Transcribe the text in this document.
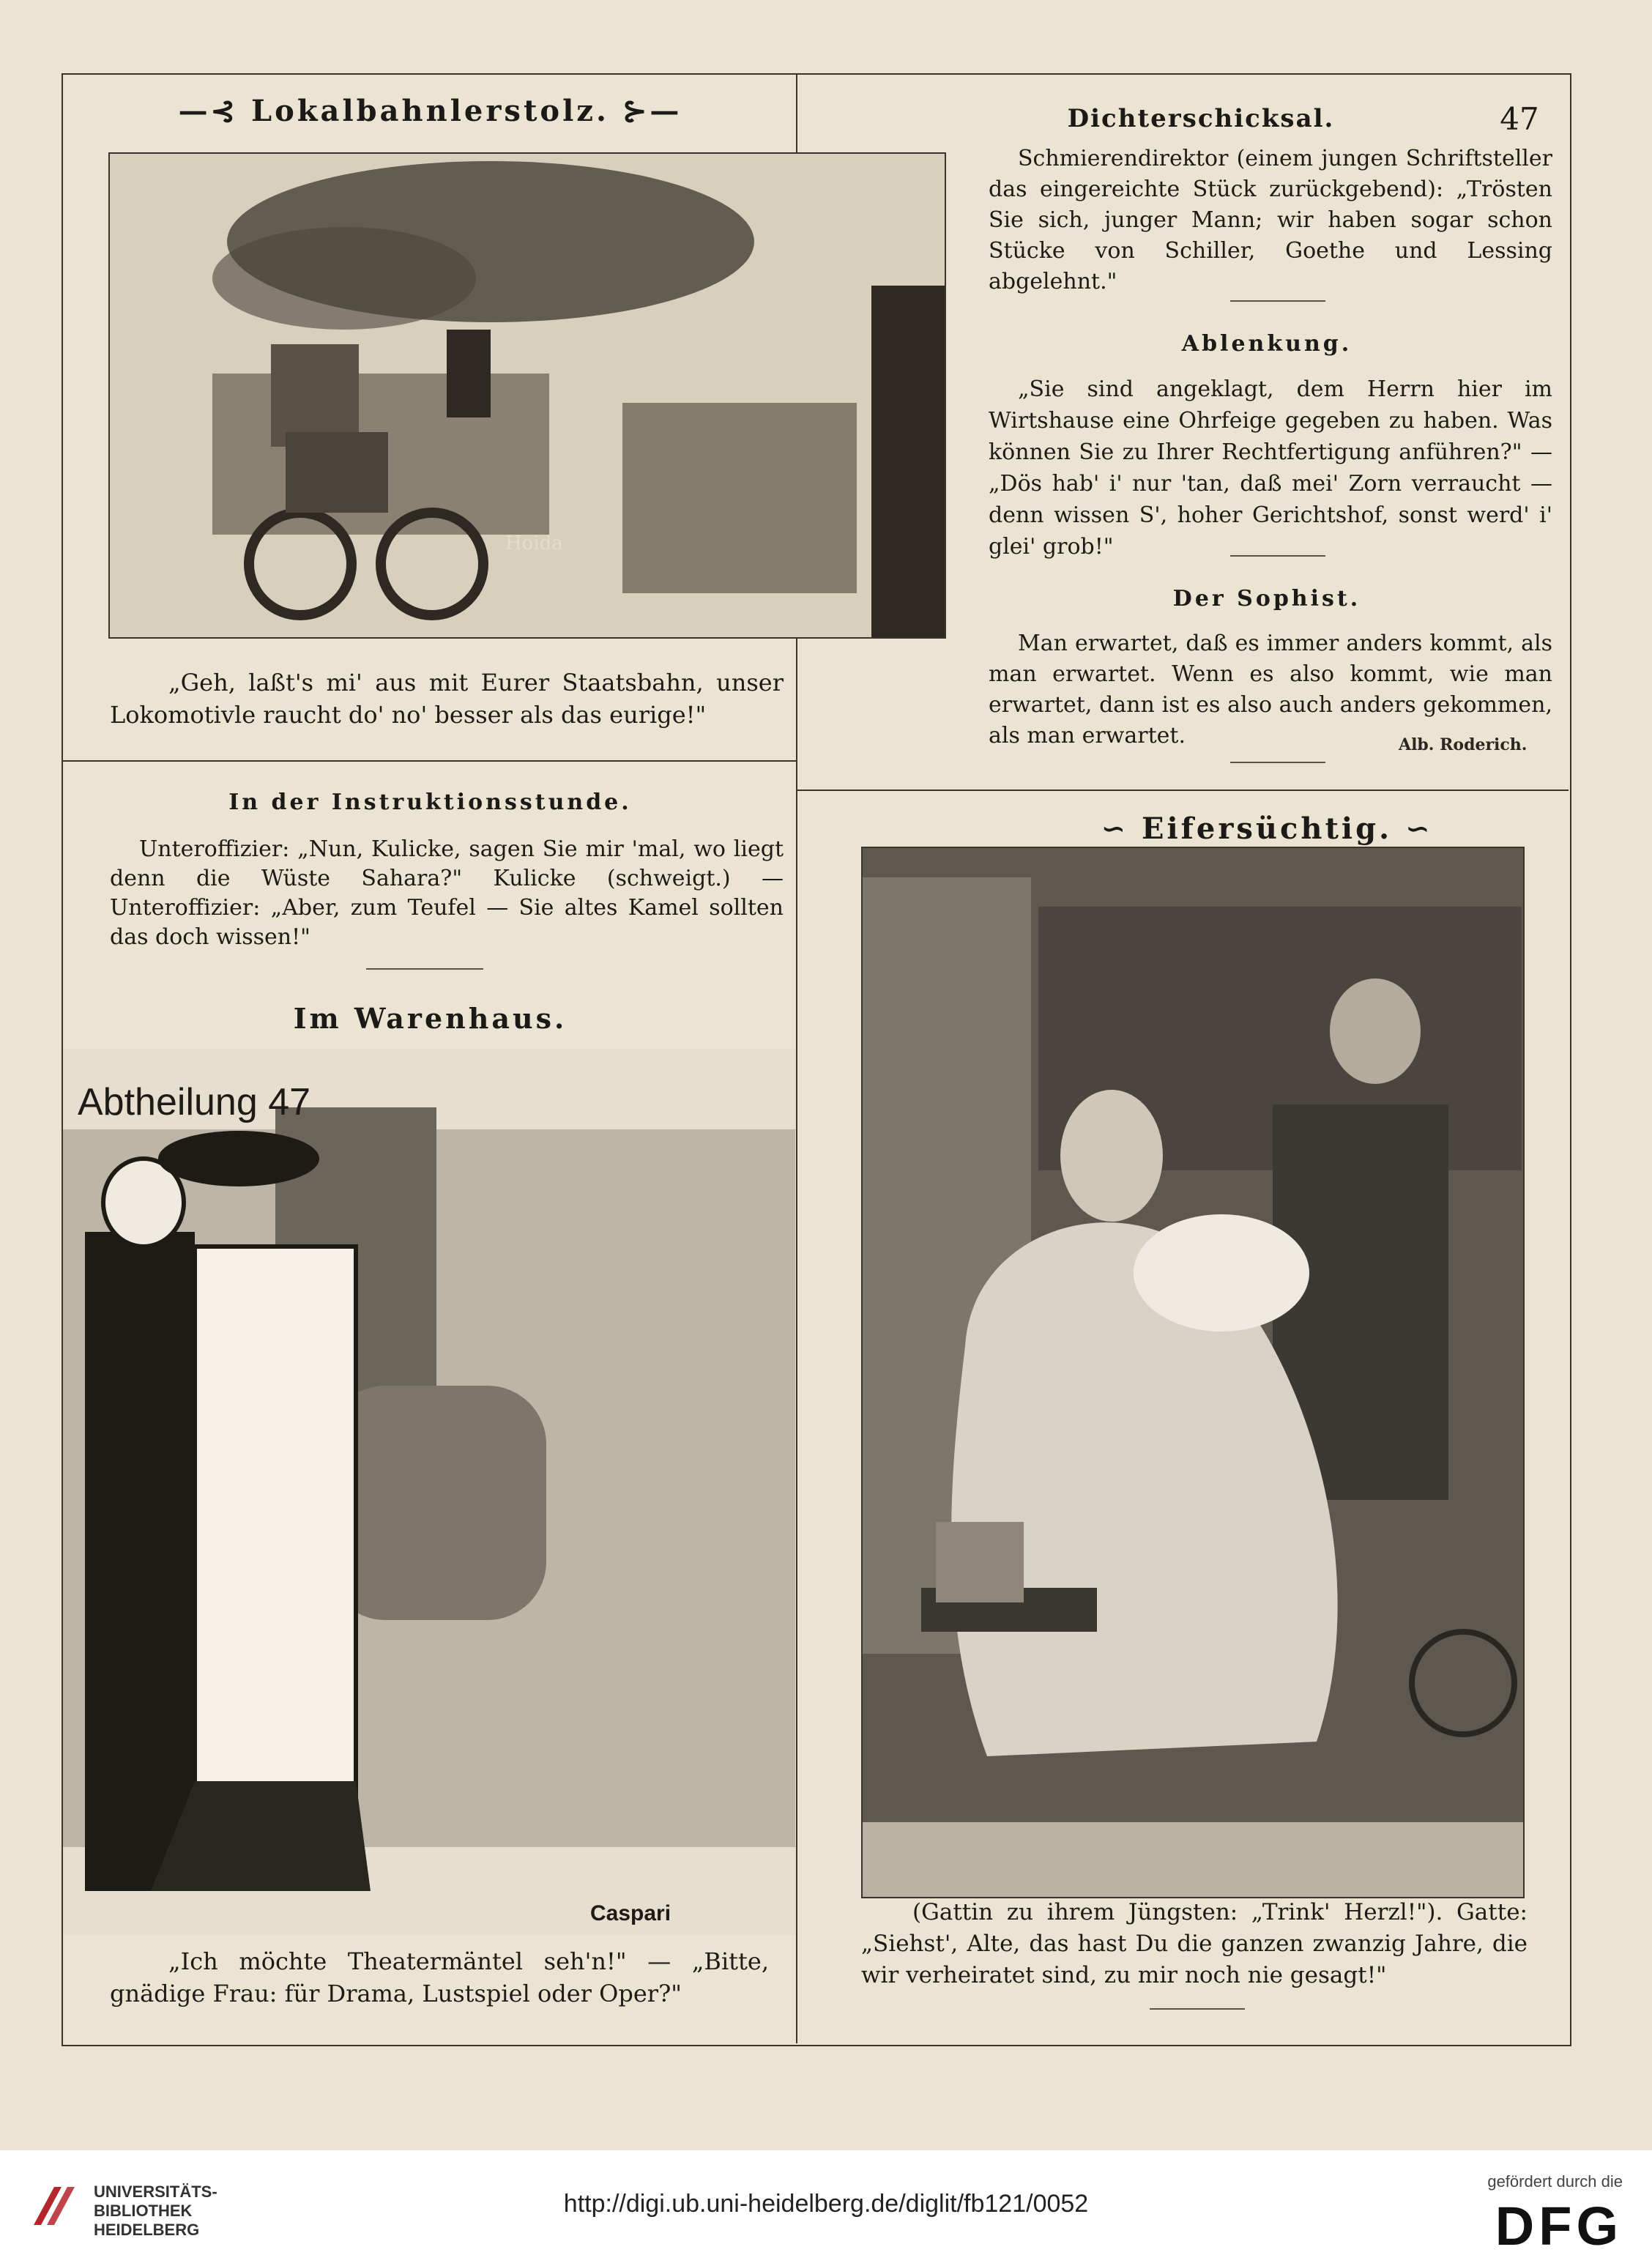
—⊰ Lokalbahnlerstolz. ⊱—
Hoida

„Geh, laßt's mi' aus mit Eurer Staatsbahn, unser Lokomotivle raucht do' no' besser als das eurige!"

In der Instruktionsstunde.

Unteroffizier: „Nun, Kulicke, sagen Sie mir 'mal, wo liegt denn die Wüste Sahara?" Kulicke (schweigt.) — Unteroffizier: „Aber, zum Teufel — Sie altes Kamel sollten das doch wissen!"

Im Warenhaus.
Abtheilung 47
Caspari

„Ich möchte Theatermäntel seh'n!" — „Bitte, gnädige Frau: für Drama, Lustspiel oder Oper?"

Dichterschicksal.	47

Schmierendirektor (einem jungen Schriftsteller das eingereichte Stück zurückgebend): „Trösten Sie sich, junger Mann; wir haben sogar schon Stücke von Schiller, Goethe und Lessing abgelehnt."

Ablenkung.

„Sie sind angeklagt, dem Herrn hier im Wirtshause eine Ohrfeige gegeben zu haben. Was können Sie zu Ihrer Rechtfertigung anführen?" — „Dös hab' i' nur 'tan, daß mei' Zorn verraucht — denn wissen S', hoher Gerichtshof, sonst werd' i' glei' grob!"

Der Sophist.

Man erwartet, daß es immer anders kommt, als man erwartet. Wenn es also kommt, wie man erwartet, dann ist es also auch anders gekommen, als man erwartet.	Alb. Roderich.
∽ Eifersüchtig. ∽

(Gattin zu ihrem Jüngsten: „Trink' Herzl!"). Gatte: „Siehst', Alte, das hast Du die ganzen zwanzig Jahre, die wir verheiratet sind, zu mir noch nie gesagt!"

UNIVERSITÄTS-
BIBLIOTHEK
HEIDELBERG
gefördert durch die
DFG
http://digi.ub.uni-heidelberg.de/diglit/fb121/0052
